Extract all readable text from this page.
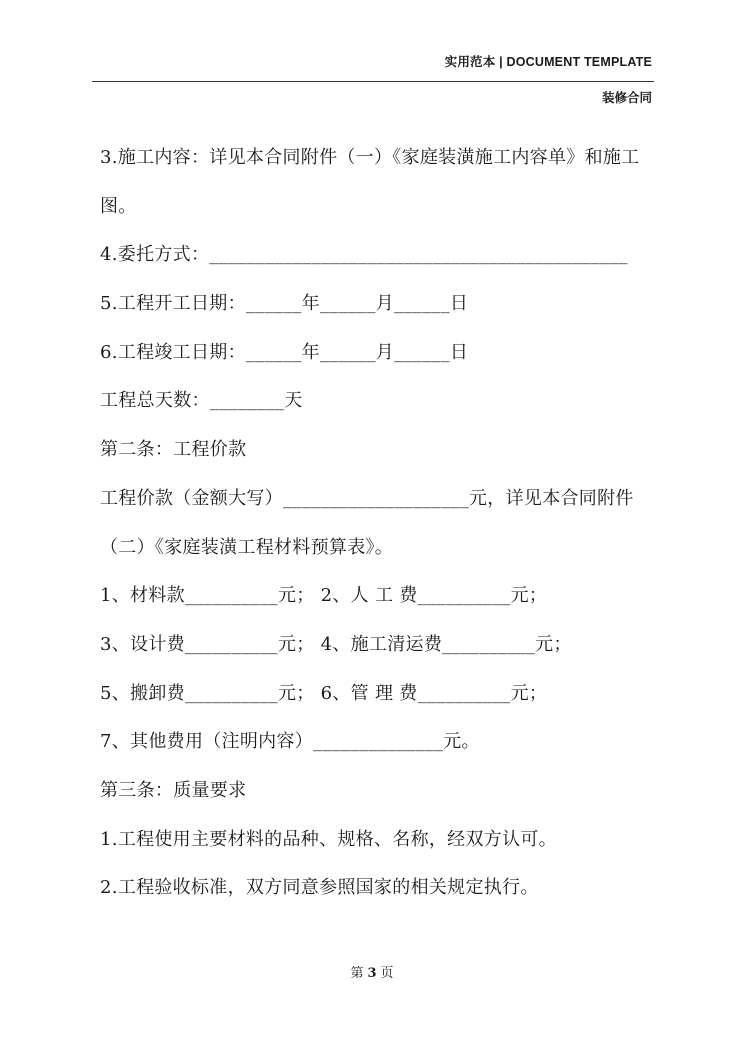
实用范本 | DOCUMENT TEMPLATE
装修合同
3.施工内容：详见本合同附件（一）《家庭装潢施工内容单》和施工
图。
4.委托方式：_____________________________________________
5.工程开工日期：______年______月______日
6.工程竣工日期：______年______月______日
工程总天数：________天
第二条：工程价款
工程价款（金额大写）____________________元，详见本合同附件
（二）《家庭装潢工程材料预算表》。
1、材料款__________元； 2、人 工 费__________元；
3、设计费__________元； 4、施工清运费__________元；
5、搬卸费__________元； 6、管 理 费__________元；
7、其他费用（注明内容）______________元。
第三条：质量要求
1.工程使用主要材料的品种、规格、名称，经双方认可。
2.工程验收标准，双方同意参照国家的相关规定执行。
第 3 页
